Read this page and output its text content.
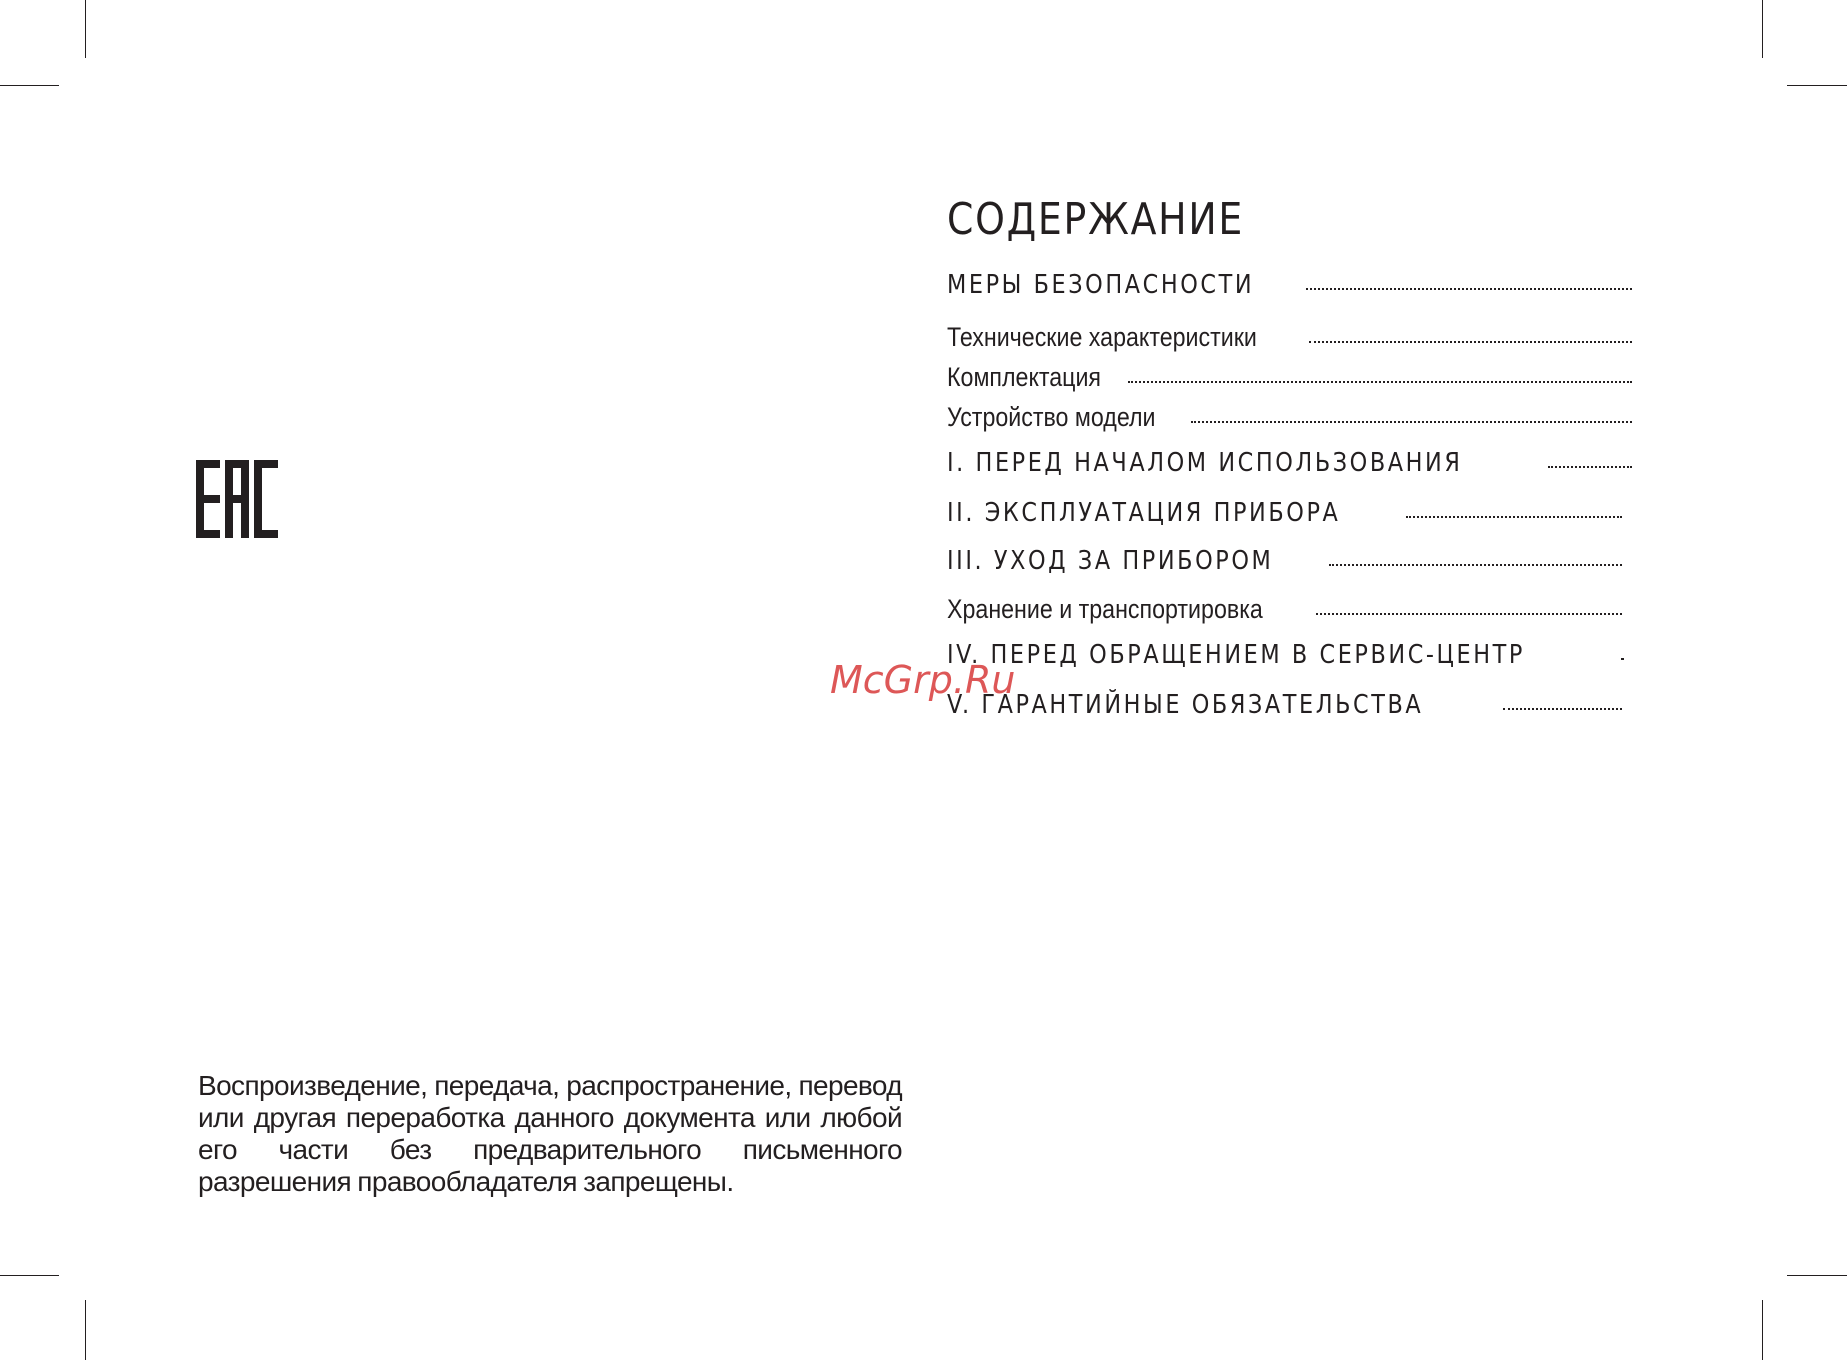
СОДЕРЖАНИЕ
МЕРЫ БЕЗОПАСНОСТИ
Технические характеристики
Комплектация
Устройство модели
I. ПЕРЕД НАЧАЛОМ ИСПОЛЬЗОВАНИЯ
II. ЭКСПЛУАТАЦИЯ ПРИБОРА
III. УХОД ЗА ПРИБОРОМ
Хранение и транспортировка
IV. ПЕРЕД ОБРАЩЕНИЕМ В СЕРВИС-ЦЕНТР
V. ГАРАНТИЙНЫЕ ОБЯЗАТЕЛЬСТВА

Воспроизведение, передача, распространение, перевод или другая переработка данного документа или любой его части без предварительного письменного разрешения правообладателя запрещены.

McGrp.Ru
